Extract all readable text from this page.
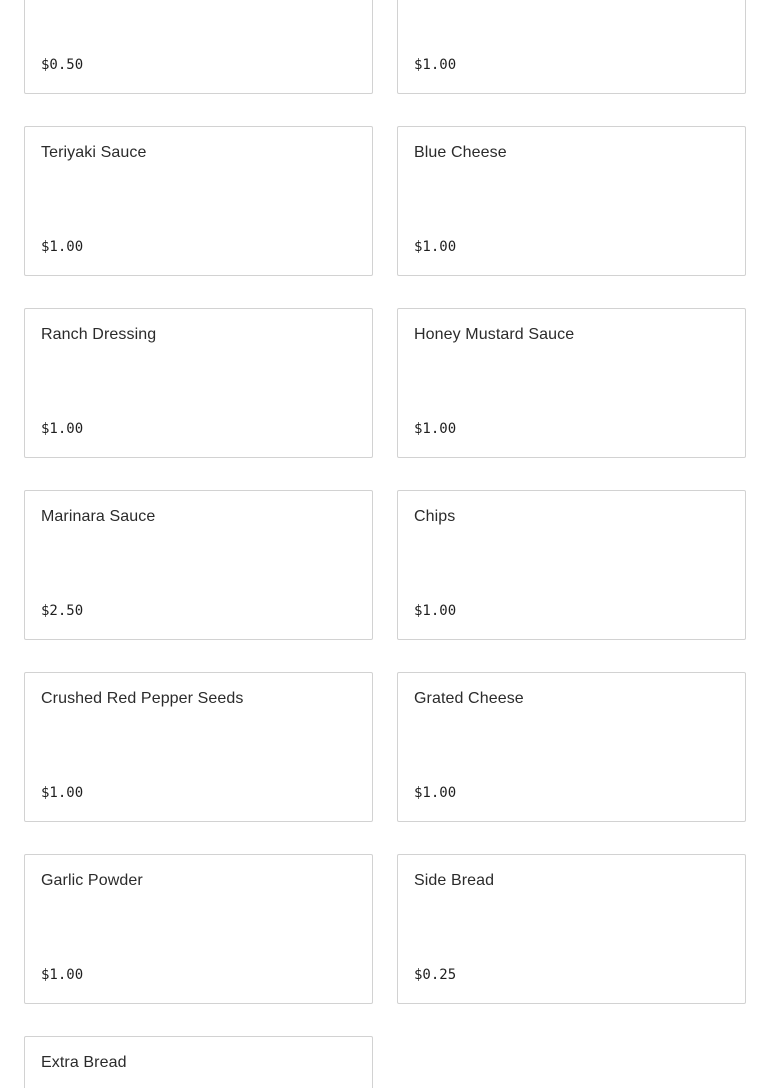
$0.50	$1.00
Teriyaki Sauce
$1.00
Blue Cheese
$1.00
Ranch Dressing
$1.00
Honey Mustard Sauce
$1.00
Marinara Sauce
$2.50
Chips
$1.00
Crushed Red Pepper Seeds
$1.00
Grated Cheese
$1.00
Garlic Powder
$1.00
Side Bread
$0.25
Extra Bread
